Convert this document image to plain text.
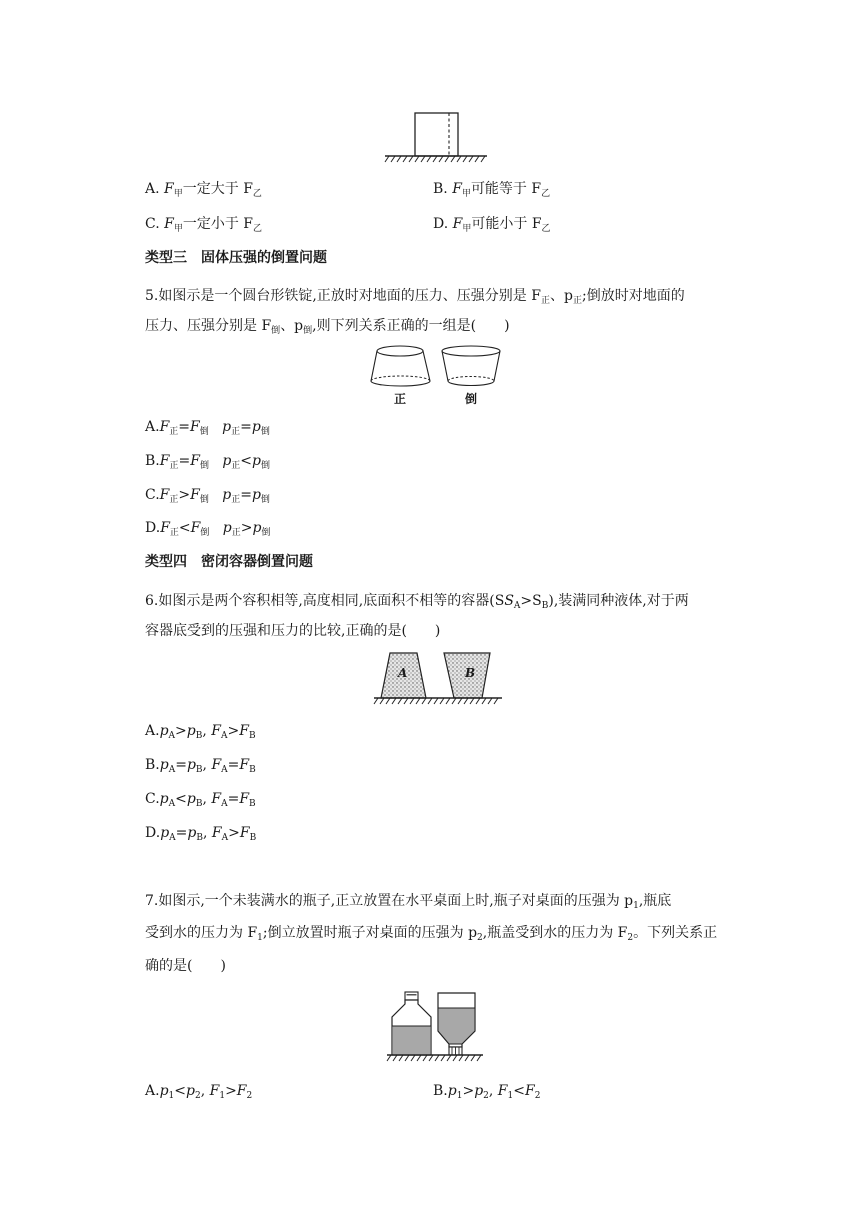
A. $F_甲$一定大于 $F_乙$	B. $F_甲$可能等于 $F_乙$
C. $F_甲$一定小于 $F_乙$	D. $F_甲$可能小于 $F_乙$
类型三　固体压强的倒置问题
5.如图示是一个圆台形铁锭,正放时对地面的压力、压强分别是 $F_正$、$p_正$;倒放时对地面的
压力、压强分别是 $F_倒$、$p_倒$,则下列关系正确的一组是(　　)
正	倒
$A.F_正=F_倒$ $p_正=p_倒$
$B.F_正=F_倒$ $p_正<p_倒$
$C.F_正>F_倒$ $p_正=p_倒$
$D.F_正<F_倒$ $p_正>p_倒$
类型四　密闭容器倒置问题
6.如图示是两个容积相等,高度相同,底面积不相等的容器$(SS_A>S_B)$,装满同种液体,对于两
容器底受到的压强和压力的比较,正确的是(　　)
A	B
$A.p_A>p_B$, $F_A>F_B$
$B.p_A=p_B$, $F_A=F_B$
$C.p_A<p_B$, $F_A=F_B$
$D.p_A=p_B$, $F_A>F_B$
7.如图示,一个未装满水的瓶子,正立放置在水平桌面上时,瓶子对桌面的压强为 $p_1$,瓶底
受到水的压力为 $F_1$;倒立放置时瓶子对桌面的压强为 $p_2$,瓶盖受到水的压力为 $F_2$。下列关系正
确的是(　　)
$A.p_1<p_2$, $F_1>F_2$	$B.p_1>p_2$, $F_1<F_2$
